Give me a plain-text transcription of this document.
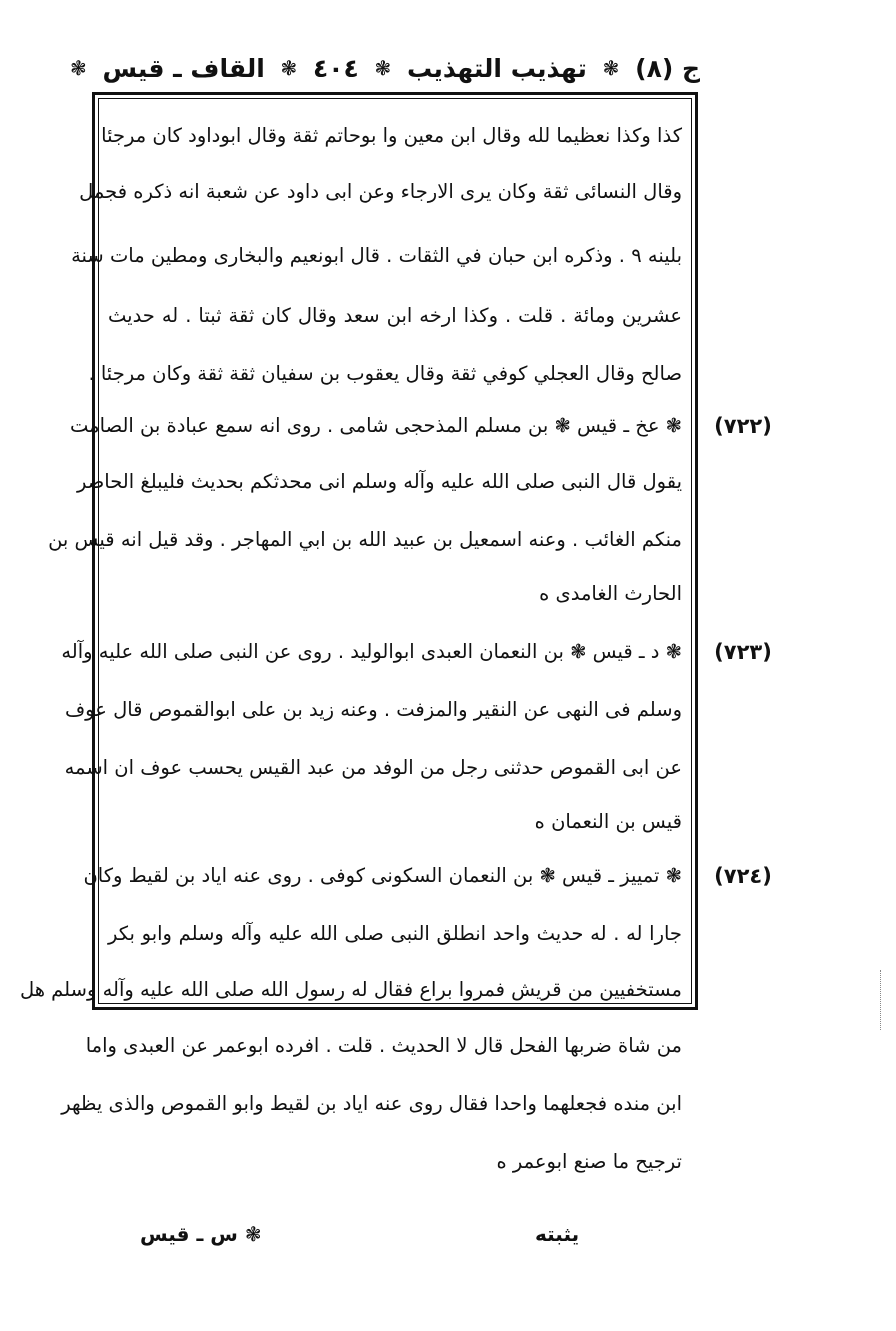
ج (٨)
❃
تهذيب التهذيب
❃
٤٠٤
❃
القاف ـ قيس
❃
كذا وكذا نعظيما لله وقال ابن معين وا بوحاتم ثقة وقال ابوداود كان مرجئا
وقال النسائى ثقة وكان يرى الارجاء وعن ابى داود عن شعبة انه ذكره فجمل
بلينه ٩ . وذكره ابن حبان في الثقات . قال ابونعيم والبخارى ومطين مات سنة
عشرين ومائة . قلت . وكذا ارخه ابن سعد وقال كان ثقة ثبتا . له حديث
صالح وقال العجلي كوفي ثقة وقال يعقوب بن سفيان ثقة ثقة وكان مرجئا .
(٧٢٢)
❃ عخ ـ قيس ❃ بن مسلم المذحجى شامى . روى انه سمع عبادة بن الصامت
يقول قال النبى صلى الله عليه وآله وسلم انى محدثكم بحديث فليبلغ الحاضر
منكم الغائب . وعنه اسمعيل بن عبيد الله بن ابي المهاجر . وقد قيل انه قيس بن
الحارث الغامدى ه
(٧٢٣)
❃ د ـ قيس ❃ بن النعمان العبدى ابوالوليد . روى عن النبى صلى الله عليه وآله
وسلم فى النهى عن النقير والمزفت . وعنه زيد بن على ابوالقموص قال عوف
عن ابى القموص حدثنى رجل من الوفد من عبد القيس يحسب عوف ان اسمه
قيس بن النعمان ه
(٧٢٤)
❃ تمييز ـ قيس ❃ بن النعمان السكونى كوفى . روى عنه اياد بن لقيط وكان
جارا له . له حديث واحد انطلق النبى صلى الله عليه وآله وسلم وابو بكر
مستخفيين من قريش فمروا براع فقال له رسول الله صلى الله عليه وآله وسلم هل
من شاة ضربها الفحل قال لا الحديث . قلت . افرده ابوعمر عن العبدى واما
ابن منده فجعلهما واحدا فقال روى عنه اياد بن لقيط وابو القموص والذى يظهر
ترجيح ما صنع ابوعمر ه
❃ س ـ قيس	يثبته
